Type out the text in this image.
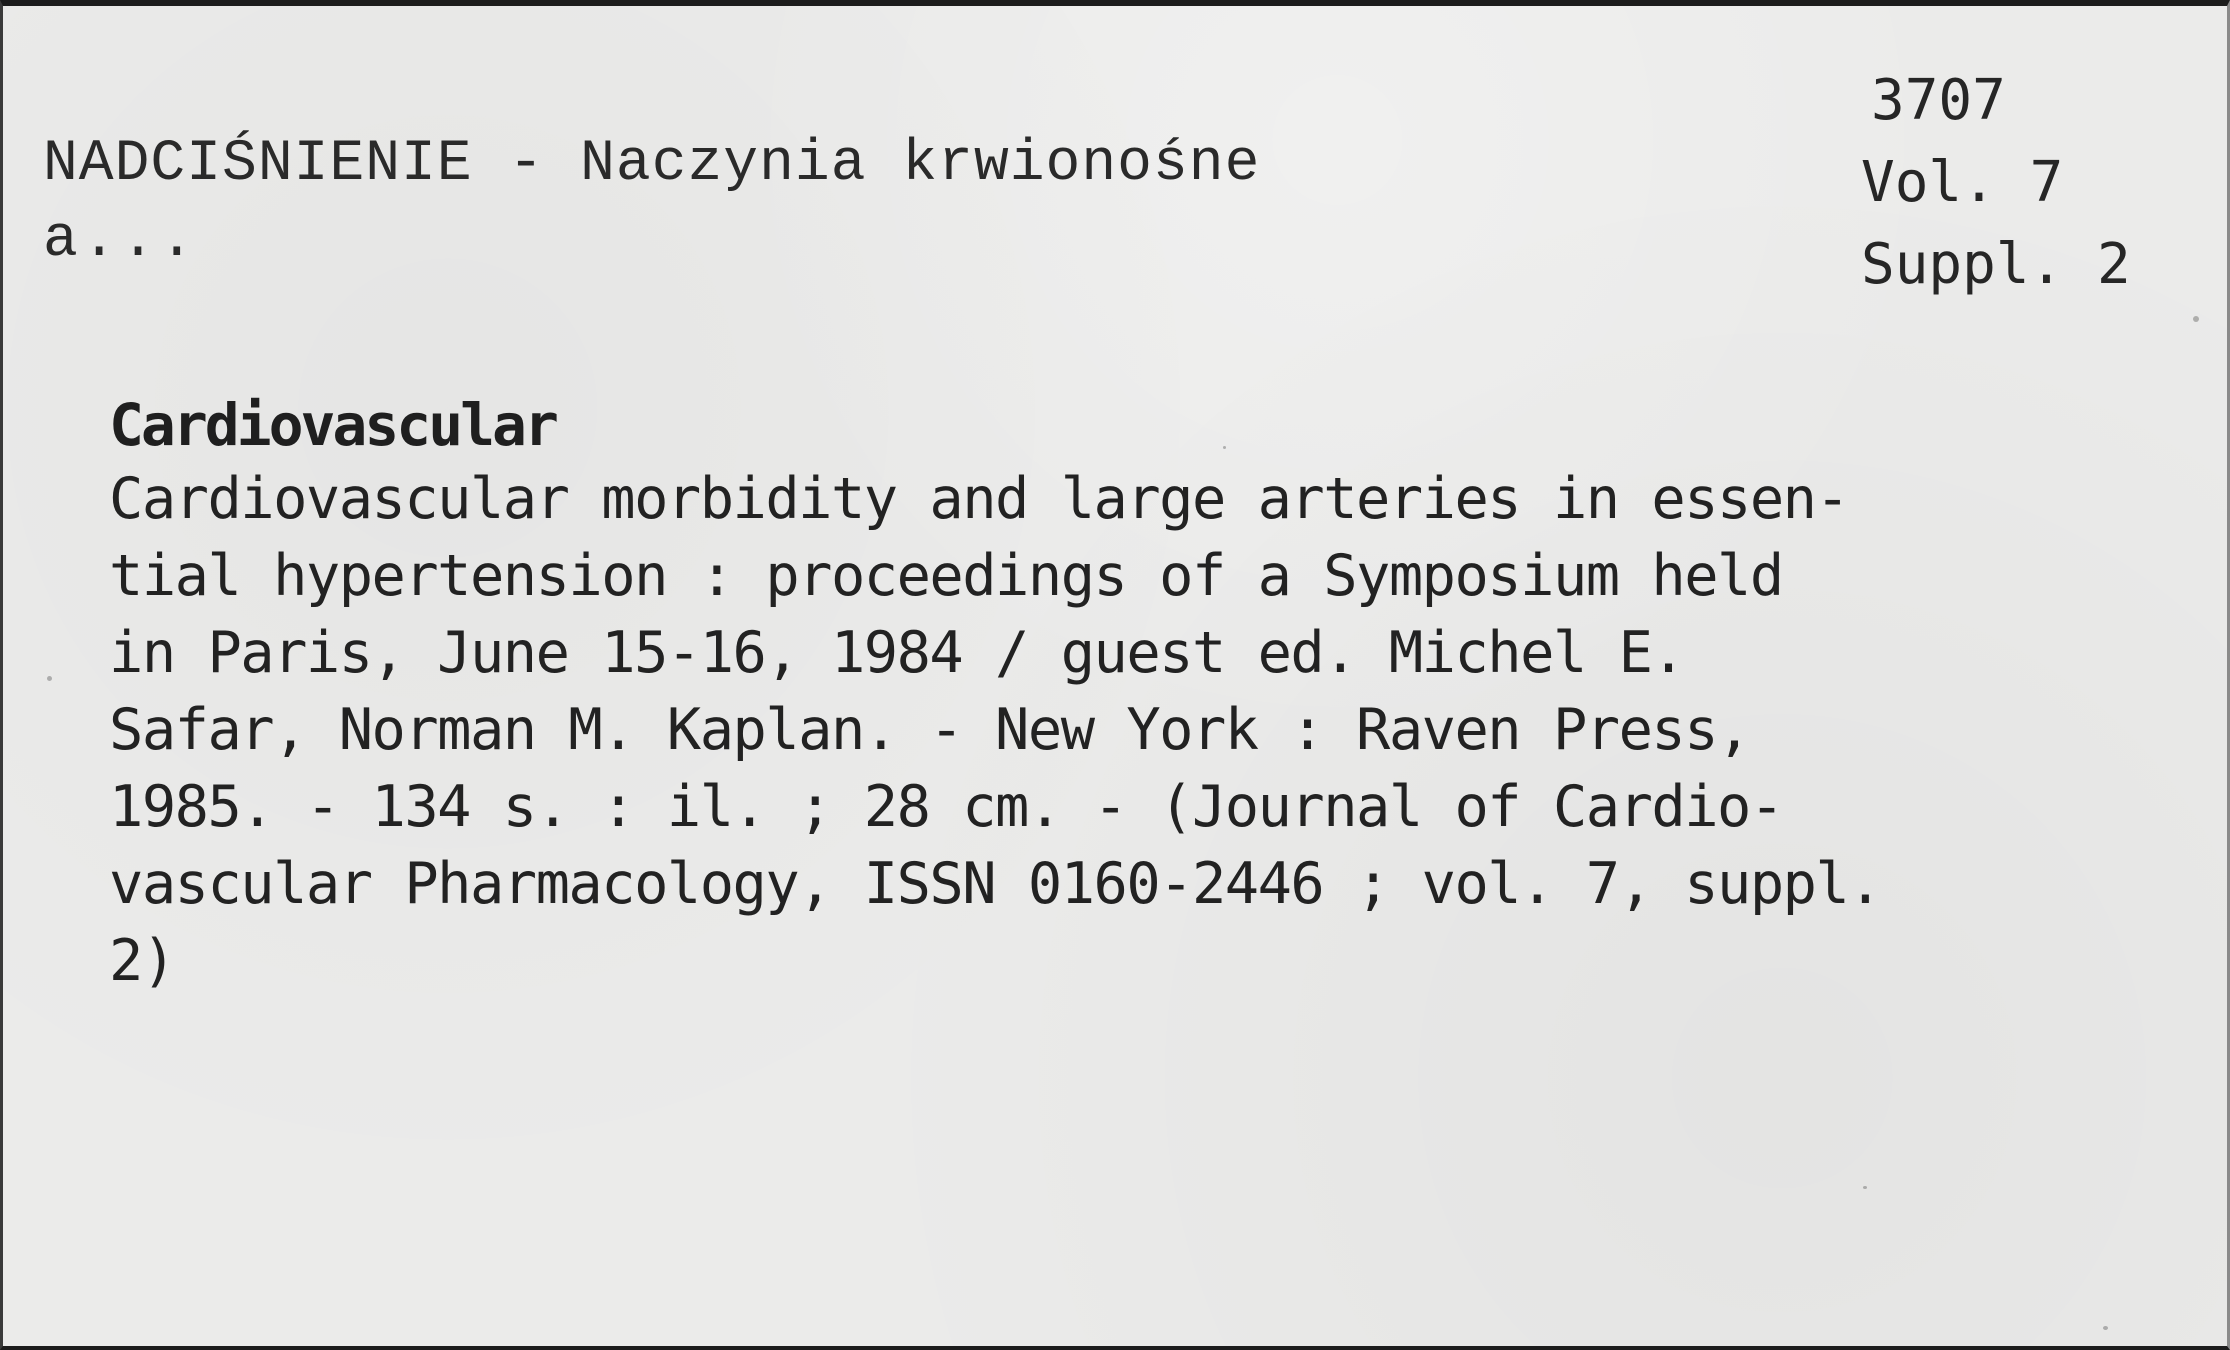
NADCIŚNIENIE - Naczynia krwionośne
a...
3707
Vol. 7
Suppl. 2
Cardiovascular
Cardiovascular morbidity and large arteries in essen-
tial hypertension : proceedings of a Symposium held
in Paris, June 15-16, 1984 / guest ed. Michel E.
Safar, Norman M. Kaplan. - New York : Raven Press,
1985. - 134 s. : il. ; 28 cm. - (Journal of Cardio-
vascular Pharmacology, ISSN 0160-2446 ; vol. 7, suppl.
2)
